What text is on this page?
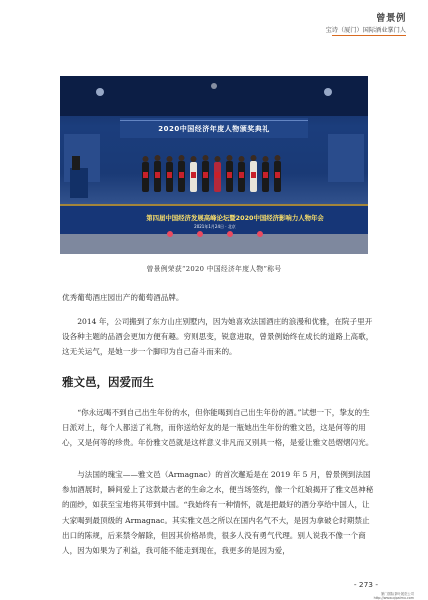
曾景例
宝诗（厦门）国际酒业掌门人
2020中国经济年度人物颁奖典礼
第四届中国经济发展高峰论坛暨2020中国经济影响力人物年会
2021年1月24日 · 北京
曾景例荣获“2020 中国经济年度人物”称号
优秀葡萄酒庄园出产的葡萄酒品牌。
2014 年，公司搬到了东方山庄别墅内，因为她喜欢法国酒庄的浪漫和优雅，在院子里开设各种主题的品酒会更加方便有趣。穷则思变，锐意进取，曾景例始终在成长的道路上高歌，这无关运气，是她一步一个脚印为自己奋斗而来的。
雅文邑，因爱而生
“你永远喝不到自己出生年份的水，但你能喝到自己出生年份的酒。”试想一下，挚友的生日派对上，每个人都送了礼物，而你送给好友的是一瓶她出生年份的雅文邑，这是何等的用心，又是何等的珍贵。年份雅文邑就是这样意义非凡而又别具一格，是爱让雅文邑熠熠闪光。
与法国的瑰宝——雅文邑（Armagnac）的首次邂逅是在 2019 年 5 月，曾景例到法国参加酒展时，瞬间爱上了这款最古老的生命之水，便当场签约，像一个红娘揭开了雅文邑神秘的面纱，如获至宝地将其带到中国。“我始终有一种情怀，就是把最好的酒分享给中国人，让大家喝到最顶级的 Armagnac。其实雅文邑之所以在国内名气不大，是因为拿破仑时期禁止出口的陈规，后来禁令解除，但因其价格昂贵，很多人没有勇气代理。别人说我不像一个商人，因为如果为了利益，我可能不能走到现在，我更多的是因为爱，
- 273 -
厦门国际茶叶展览公司
http://www.qipaimu.com
